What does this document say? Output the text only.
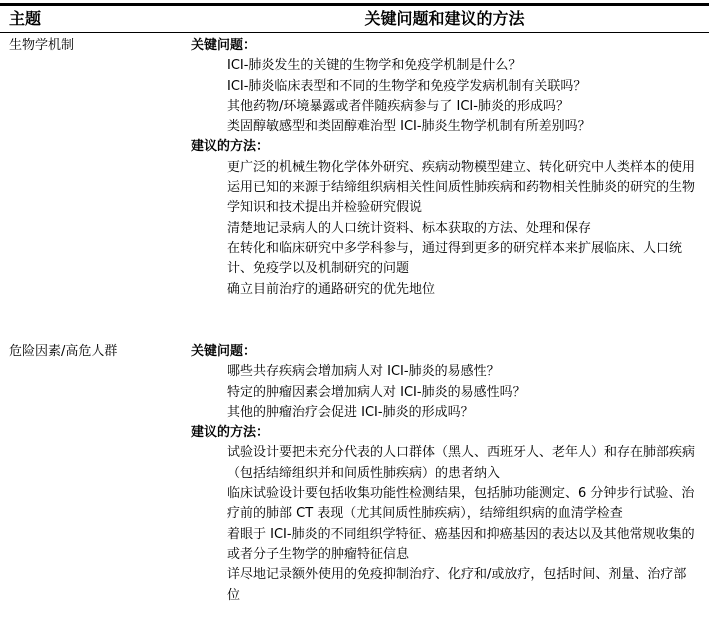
主题	关键问题和建议的方法
生物学机制	关键问题：
ICI-肺炎发生的关键的生物学和免疫学机制是什么？
ICI-肺炎临床表型和不同的生物学和免疫学发病机制有关联吗？
其他药物/环境暴露或者伴随疾病参与了 ICI-肺炎的形成吗？
类固醇敏感型和类固醇难治型 ICI-肺炎生物学机制有所差别吗？
建议的方法：
更广泛的机械生物化学体外研究、疾病动物模型建立、转化研究中人类样本的使用
运用已知的来源于结缔组织病相关性间质性肺疾病和药物相关性肺炎的研究的生物学知识和技术提出并检验研究假说
清楚地记录病人的人口统计资料、标本获取的方法、处理和保存
在转化和临床研究中多学科参与，通过得到更多的研究样本来扩展临床、人口统计、免疫学以及机制研究的问题
确立目前治疗的通路研究的优先地位
危险因素/高危人群	关键问题：
哪些共存疾病会增加病人对 ICI-肺炎的易感性？
特定的肿瘤因素会增加病人对 ICI-肺炎的易感性吗？
其他的肿瘤治疗会促进 ICI-肺炎的形成吗？
建议的方法：
试验设计要把未充分代表的人口群体（黑人、西班牙人、老年人）和存在肺部疾病（包括结缔组织并和间质性肺疾病）的患者纳入
临床试验设计要包括收集功能性检测结果，包括肺功能测定、6 分钟步行试验、治疗前的肺部 CT 表现（尤其间质性肺疾病），结缔组织病的血清学检查
着眼于 ICI-肺炎的不同组织学特征、癌基因和抑癌基因的表达以及其他常规收集的或者分子生物学的肿瘤特征信息
详尽地记录额外使用的免疫抑制治疗、化疗和/或放疗，包括时间、剂量、治疗部位
